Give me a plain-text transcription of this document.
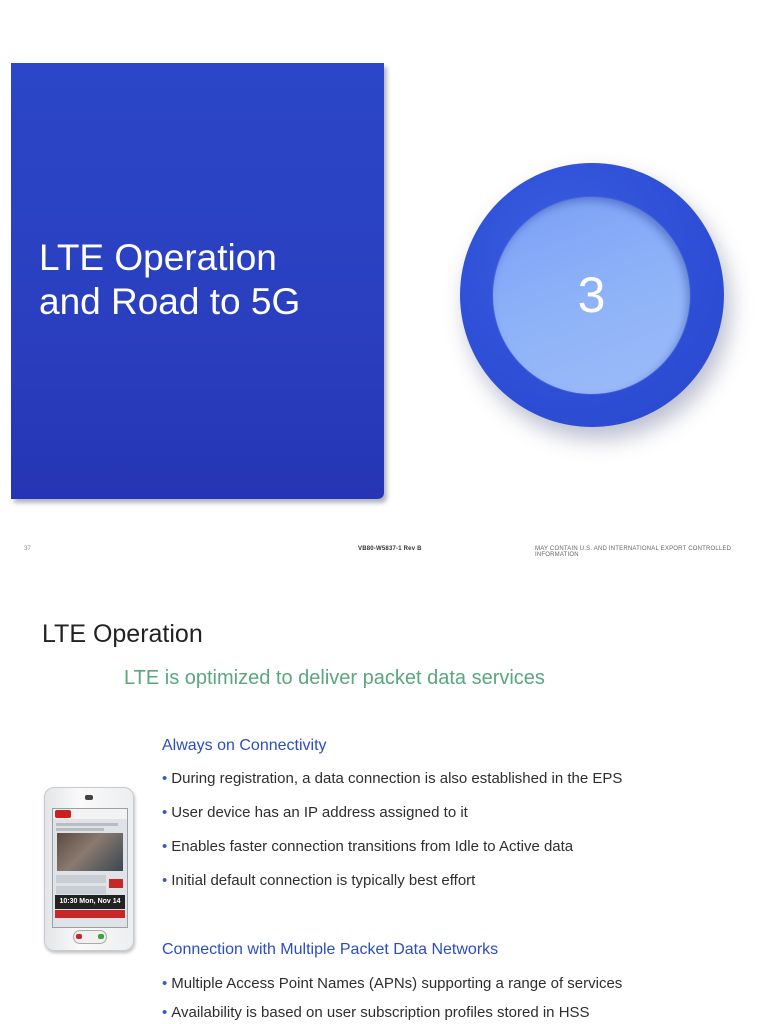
LTE Operation
and Road to 5G	3
37	VB80-W5837-1 Rev B	MAY CONTAIN U.S. AND INTERNATIONAL EXPORT CONTROLLED INFORMATION
LTE Operation
LTE is optimized to deliver packet data services
Always on Connectivity
• During registration, a data connection is also established in the EPS
• User device has an IP address assigned to it
• Enables faster connection transitions from Idle to Active data
• Initial default connection is typically best effort
Connection with Multiple Packet Data Networks
• Multiple Access Point Names (APNs) supporting a range of services
• Availability is based on user subscription profiles stored in HSS
10:30 Mon, Nov 14
